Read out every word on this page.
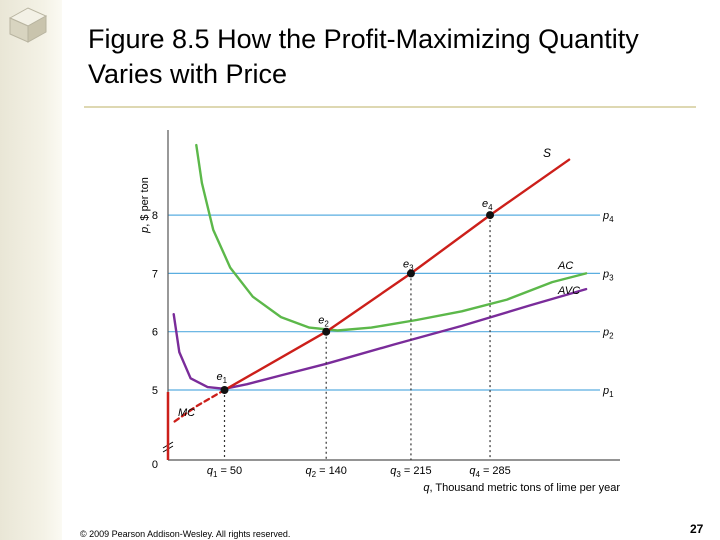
Figure 8.5 How the Profit-Maximizing Quantity Varies with Price
$p_1$
$p_2$
$p_3$
$p_4$
0
5
6
7
8
p, $ per ton
q, Thousand metric tons of lime per year
S
AC
AVC
MC
$e_1$
$q_1 = 50$
$e_2$
$q_2 = 140$
$e_3$
$q_3 = 215$
$e_4$
$q_4 = 285$
© 2009 Pearson Addison-Wesley. All rights reserved.	27
